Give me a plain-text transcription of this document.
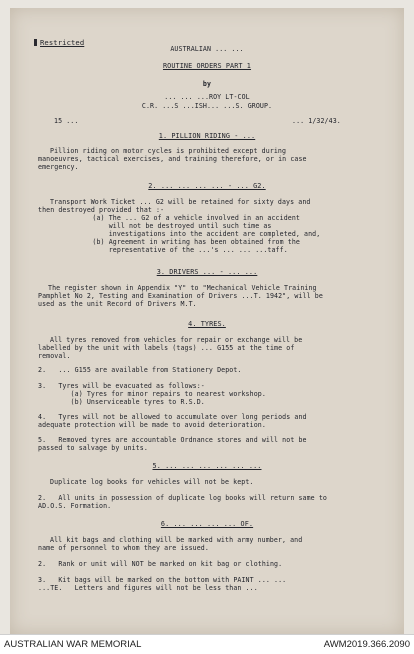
Restricted
AUSTRALIAN ... ...
ROUTINE ORDERS PART 1
by
... ... ...ROY LT-COL
C.R. ...S ...ISH... ...S. GROUP.
15 ...	... 1/32/43.
1. PILLION RIDING - ...
Pillion riding on motor cycles is prohibited except during
manoeuvres, tactical exercises, and training therefore, or in case
emergency.
2. ... ... ... ... - ... G2.
Transport Work Ticket ... G2 will be retained for sixty days and
then destroyed provided that :-
(a) The ... G2 of a vehicle involved in an accident
will not be destroyed until such time as
investigations into the accident are completed, and,
(b) Agreement in writing has been obtained from the
representative of the ...'s ... ... ...taff.
3. DRIVERS ... - ... ...
The register shown in Appendix "Y" to "Mechanical Vehicle Training
Pamphlet No 2, Testing and Examination of Drivers ...T. 1942", will be
used as the unit Record of Drivers M.T.
4. TYRES.
All tyres removed from vehicles for repair or exchange will be
labelled by the unit with labels (tags) ... G155 at the time of
removal.
2.   ... G155 are available from Stationery Depot.
3.   Tyres will be evacuated as follows:-
(a) Tyres for minor repairs to nearest workshop.
(b) Unserviceable tyres to R.S.D.
4.   Tyres will not be allowed to accumulate over long periods and
adequate protection will be made to avoid deterioration.
5.   Removed tyres are accountable Ordnance stores and will not be
passed to salvage by units.
5. ... ... ... ... ... ...
Duplicate log books for vehicles will not be kept.
2.   All units in possession of duplicate log books will return same to
AD.O.S. Formation.
6. ... ... ... ... OF.
All kit bags and clothing will be marked with army number, and
name of personnel to whom they are issued.
2.   Rank or unit will NOT be marked on kit bag or clothing.
3.   Kit bags will be marked on the bottom with PAINT ... ...
...TE.   Letters and figures will not be less than ...
AUSTRALIAN WAR MEMORIAL	AWM2019.366.2090
